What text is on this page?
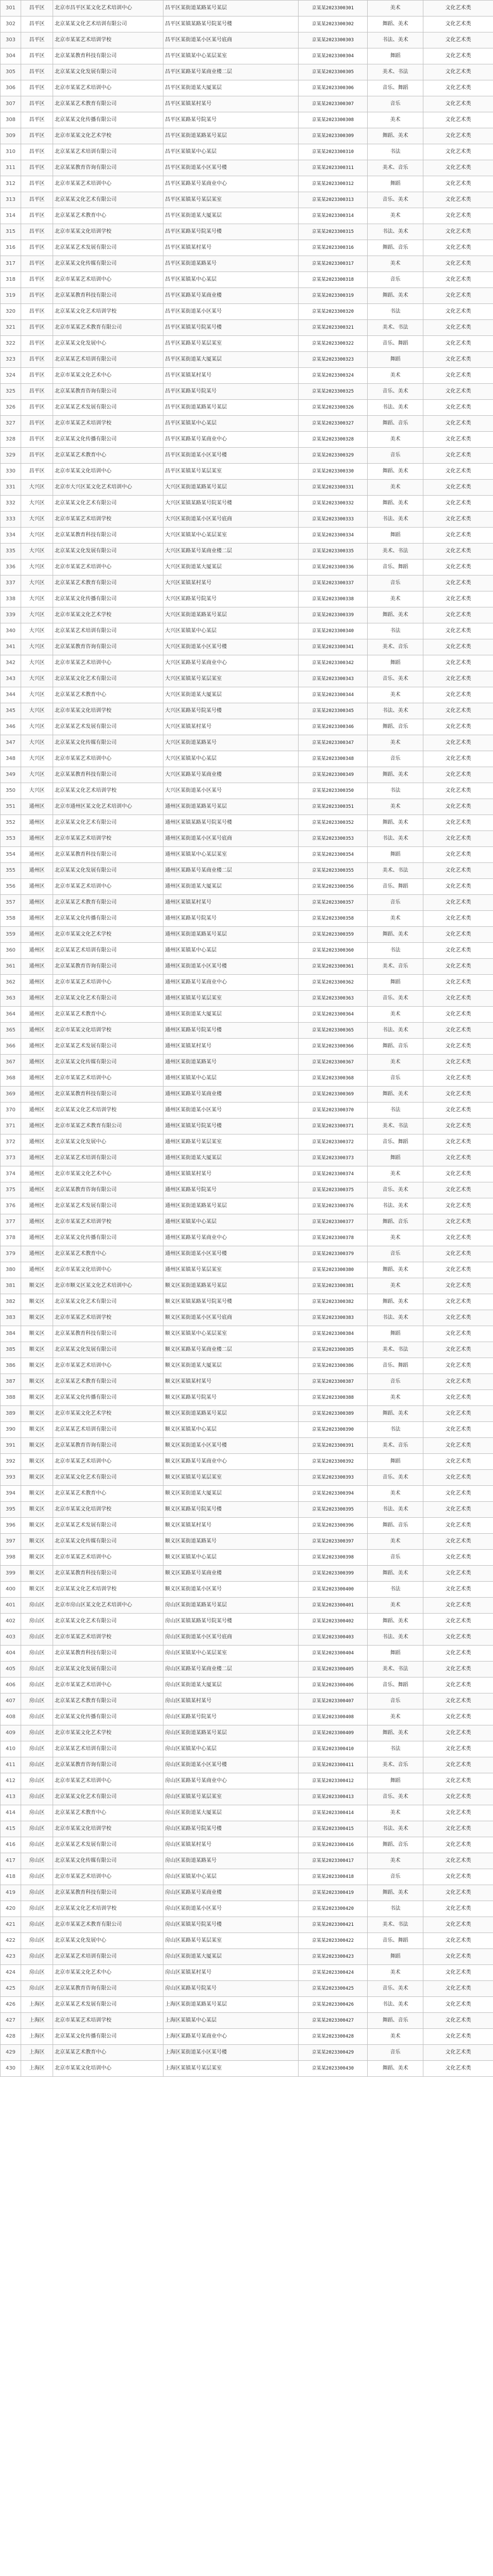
301	昌平区	北京市昌平区某文化艺术培训中心	昌平区某街道某路某号某层	京某某2023300301	美术	文化艺术类
302	昌平区	北京某某文化艺术培训有限公司	昌平区某镇某路某号院某号楼	京某某2023300302	舞蹈、美术	文化艺术类
303	昌平区	北京市某某艺术培训学校	昌平区某街道某小区某号底商	京某某2023300303	书法、美术	文化艺术类
304	昌平区	北京某某教育科技有限公司	昌平区某镇某中心某层某室	京某某2023300304	舞蹈	文化艺术类
305	昌平区	北京某某文化发展有限公司	昌平区某路某号某商业楼二层	京某某2023300305	美术、书法	文化艺术类
306	昌平区	北京市某某艺术培训中心	昌平区某街道某大厦某层	京某某2023300306	音乐、舞蹈	文化艺术类
307	昌平区	北京某某艺术教育有限公司	昌平区某镇某村某号	京某某2023300307	音乐	文化艺术类
308	昌平区	北京某某文化传播有限公司	昌平区某路某号院某号	京某某2023300308	美术	文化艺术类
309	昌平区	北京市某某文化艺术学校	昌平区某街道某路某号某层	京某某2023300309	舞蹈、美术	文化艺术类
310	昌平区	北京某某艺术培训有限公司	昌平区某镇某中心某层	京某某2023300310	书法	文化艺术类
311	昌平区	北京某某教育咨询有限公司	昌平区某街道某小区某号楼	京某某2023300311	美术、音乐	文化艺术类
312	昌平区	北京市某某艺术培训中心	昌平区某路某号某商业中心	京某某2023300312	舞蹈	文化艺术类
313	昌平区	北京某某文化艺术有限公司	昌平区某镇某号某层某室	京某某2023300313	音乐、美术	文化艺术类
314	昌平区	北京某某艺术教育中心	昌平区某街道某大厦某层	京某某2023300314	美术	文化艺术类
315	昌平区	北京市某某文化培训学校	昌平区某路某号院某号楼	京某某2023300315	书法、美术	文化艺术类
316	昌平区	北京某某艺术发展有限公司	昌平区某镇某村某号	京某某2023300316	舞蹈、音乐	文化艺术类
317	昌平区	北京某某文化传媒有限公司	昌平区某街道某路某号	京某某2023300317	美术	文化艺术类
318	昌平区	北京市某某艺术培训中心	昌平区某镇某中心某层	京某某2023300318	音乐	文化艺术类
319	昌平区	北京某某教育科技有限公司	昌平区某路某号某商业楼	京某某2023300319	舞蹈、美术	文化艺术类
320	昌平区	北京某某文化艺术培训学校	昌平区某街道某小区某号	京某某2023300320	书法	文化艺术类
321	昌平区	北京市某某艺术教育有限公司	昌平区某镇某号院某号楼	京某某2023300321	美术、书法	文化艺术类
322	昌平区	北京某某文化发展中心	昌平区某路某号某层某室	京某某2023300322	音乐、舞蹈	文化艺术类
323	昌平区	北京某某艺术培训有限公司	昌平区某街道某大厦某层	京某某2023300323	舞蹈	文化艺术类
324	昌平区	北京市某某文化艺术中心	昌平区某镇某村某号	京某某2023300324	美术	文化艺术类
325	昌平区	北京某某教育咨询有限公司	昌平区某路某号院某号	京某某2023300325	音乐、美术	文化艺术类
326	昌平区	北京某某艺术发展有限公司	昌平区某街道某路某号某层	京某某2023300326	书法、美术	文化艺术类
327	昌平区	北京市某某艺术培训学校	昌平区某镇某中心某层	京某某2023300327	舞蹈、音乐	文化艺术类
328	昌平区	北京某某文化传播有限公司	昌平区某路某号某商业中心	京某某2023300328	美术	文化艺术类
329	昌平区	北京某某艺术教育中心	昌平区某街道某小区某号楼	京某某2023300329	音乐	文化艺术类
330	昌平区	北京市某某文化培训中心	昌平区某镇某号某层某室	京某某2023300330	舞蹈、美术	文化艺术类
331	大兴区	北京市大兴区某文化艺术培训中心	大兴区某街道某路某号某层	京某某2023300331	美术	文化艺术类
332	大兴区	北京某某文化艺术有限公司	大兴区某镇某路某号院某号楼	京某某2023300332	舞蹈、美术	文化艺术类
333	大兴区	北京市某某艺术培训学校	大兴区某街道某小区某号底商	京某某2023300333	书法、美术	文化艺术类
334	大兴区	北京某某教育科技有限公司	大兴区某镇某中心某层某室	京某某2023300334	舞蹈	文化艺术类
335	大兴区	北京某某文化发展有限公司	大兴区某路某号某商业楼二层	京某某2023300335	美术、书法	文化艺术类
336	大兴区	北京市某某艺术培训中心	大兴区某街道某大厦某层	京某某2023300336	音乐、舞蹈	文化艺术类
337	大兴区	北京某某艺术教育有限公司	大兴区某镇某村某号	京某某2023300337	音乐	文化艺术类
338	大兴区	北京某某文化传播有限公司	大兴区某路某号院某号	京某某2023300338	美术	文化艺术类
339	大兴区	北京市某某文化艺术学校	大兴区某街道某路某号某层	京某某2023300339	舞蹈、美术	文化艺术类
340	大兴区	北京某某艺术培训有限公司	大兴区某镇某中心某层	京某某2023300340	书法	文化艺术类
341	大兴区	北京某某教育咨询有限公司	大兴区某街道某小区某号楼	京某某2023300341	美术、音乐	文化艺术类
342	大兴区	北京市某某艺术培训中心	大兴区某路某号某商业中心	京某某2023300342	舞蹈	文化艺术类
343	大兴区	北京某某文化艺术有限公司	大兴区某镇某号某层某室	京某某2023300343	音乐、美术	文化艺术类
344	大兴区	北京某某艺术教育中心	大兴区某街道某大厦某层	京某某2023300344	美术	文化艺术类
345	大兴区	北京市某某文化培训学校	大兴区某路某号院某号楼	京某某2023300345	书法、美术	文化艺术类
346	大兴区	北京某某艺术发展有限公司	大兴区某镇某村某号	京某某2023300346	舞蹈、音乐	文化艺术类
347	大兴区	北京某某文化传媒有限公司	大兴区某街道某路某号	京某某2023300347	美术	文化艺术类
348	大兴区	北京市某某艺术培训中心	大兴区某镇某中心某层	京某某2023300348	音乐	文化艺术类
349	大兴区	北京某某教育科技有限公司	大兴区某路某号某商业楼	京某某2023300349	舞蹈、美术	文化艺术类
350	大兴区	北京某某文化艺术培训学校	大兴区某街道某小区某号	京某某2023300350	书法	文化艺术类
351	通州区	北京市通州区某文化艺术培训中心	通州区某街道某路某号某层	京某某2023300351	美术	文化艺术类
352	通州区	北京某某文化艺术有限公司	通州区某镇某路某号院某号楼	京某某2023300352	舞蹈、美术	文化艺术类
353	通州区	北京市某某艺术培训学校	通州区某街道某小区某号底商	京某某2023300353	书法、美术	文化艺术类
354	通州区	北京某某教育科技有限公司	通州区某镇某中心某层某室	京某某2023300354	舞蹈	文化艺术类
355	通州区	北京某某文化发展有限公司	通州区某路某号某商业楼二层	京某某2023300355	美术、书法	文化艺术类
356	通州区	北京市某某艺术培训中心	通州区某街道某大厦某层	京某某2023300356	音乐、舞蹈	文化艺术类
357	通州区	北京某某艺术教育有限公司	通州区某镇某村某号	京某某2023300357	音乐	文化艺术类
358	通州区	北京某某文化传播有限公司	通州区某路某号院某号	京某某2023300358	美术	文化艺术类
359	通州区	北京市某某文化艺术学校	通州区某街道某路某号某层	京某某2023300359	舞蹈、美术	文化艺术类
360	通州区	北京某某艺术培训有限公司	通州区某镇某中心某层	京某某2023300360	书法	文化艺术类
361	通州区	北京某某教育咨询有限公司	通州区某街道某小区某号楼	京某某2023300361	美术、音乐	文化艺术类
362	通州区	北京市某某艺术培训中心	通州区某路某号某商业中心	京某某2023300362	舞蹈	文化艺术类
363	通州区	北京某某文化艺术有限公司	通州区某镇某号某层某室	京某某2023300363	音乐、美术	文化艺术类
364	通州区	北京某某艺术教育中心	通州区某街道某大厦某层	京某某2023300364	美术	文化艺术类
365	通州区	北京市某某文化培训学校	通州区某路某号院某号楼	京某某2023300365	书法、美术	文化艺术类
366	通州区	北京某某艺术发展有限公司	通州区某镇某村某号	京某某2023300366	舞蹈、音乐	文化艺术类
367	通州区	北京某某文化传媒有限公司	通州区某街道某路某号	京某某2023300367	美术	文化艺术类
368	通州区	北京市某某艺术培训中心	通州区某镇某中心某层	京某某2023300368	音乐	文化艺术类
369	通州区	北京某某教育科技有限公司	通州区某路某号某商业楼	京某某2023300369	舞蹈、美术	文化艺术类
370	通州区	北京某某文化艺术培训学校	通州区某街道某小区某号	京某某2023300370	书法	文化艺术类
371	通州区	北京市某某艺术教育有限公司	通州区某镇某号院某号楼	京某某2023300371	美术、书法	文化艺术类
372	通州区	北京某某文化发展中心	通州区某路某号某层某室	京某某2023300372	音乐、舞蹈	文化艺术类
373	通州区	北京某某艺术培训有限公司	通州区某街道某大厦某层	京某某2023300373	舞蹈	文化艺术类
374	通州区	北京市某某文化艺术中心	通州区某镇某村某号	京某某2023300374	美术	文化艺术类
375	通州区	北京某某教育咨询有限公司	通州区某路某号院某号	京某某2023300375	音乐、美术	文化艺术类
376	通州区	北京某某艺术发展有限公司	通州区某街道某路某号某层	京某某2023300376	书法、美术	文化艺术类
377	通州区	北京市某某艺术培训学校	通州区某镇某中心某层	京某某2023300377	舞蹈、音乐	文化艺术类
378	通州区	北京某某文化传播有限公司	通州区某路某号某商业中心	京某某2023300378	美术	文化艺术类
379	通州区	北京某某艺术教育中心	通州区某街道某小区某号楼	京某某2023300379	音乐	文化艺术类
380	通州区	北京市某某文化培训中心	通州区某镇某号某层某室	京某某2023300380	舞蹈、美术	文化艺术类
381	顺义区	北京市顺义区某文化艺术培训中心	顺义区某街道某路某号某层	京某某2023300381	美术	文化艺术类
382	顺义区	北京某某文化艺术有限公司	顺义区某镇某路某号院某号楼	京某某2023300382	舞蹈、美术	文化艺术类
383	顺义区	北京市某某艺术培训学校	顺义区某街道某小区某号底商	京某某2023300383	书法、美术	文化艺术类
384	顺义区	北京某某教育科技有限公司	顺义区某镇某中心某层某室	京某某2023300384	舞蹈	文化艺术类
385	顺义区	北京某某文化发展有限公司	顺义区某路某号某商业楼二层	京某某2023300385	美术、书法	文化艺术类
386	顺义区	北京市某某艺术培训中心	顺义区某街道某大厦某层	京某某2023300386	音乐、舞蹈	文化艺术类
387	顺义区	北京某某艺术教育有限公司	顺义区某镇某村某号	京某某2023300387	音乐	文化艺术类
388	顺义区	北京某某文化传播有限公司	顺义区某路某号院某号	京某某2023300388	美术	文化艺术类
389	顺义区	北京市某某文化艺术学校	顺义区某街道某路某号某层	京某某2023300389	舞蹈、美术	文化艺术类
390	顺义区	北京某某艺术培训有限公司	顺义区某镇某中心某层	京某某2023300390	书法	文化艺术类
391	顺义区	北京某某教育咨询有限公司	顺义区某街道某小区某号楼	京某某2023300391	美术、音乐	文化艺术类
392	顺义区	北京市某某艺术培训中心	顺义区某路某号某商业中心	京某某2023300392	舞蹈	文化艺术类
393	顺义区	北京某某文化艺术有限公司	顺义区某镇某号某层某室	京某某2023300393	音乐、美术	文化艺术类
394	顺义区	北京某某艺术教育中心	顺义区某街道某大厦某层	京某某2023300394	美术	文化艺术类
395	顺义区	北京市某某文化培训学校	顺义区某路某号院某号楼	京某某2023300395	书法、美术	文化艺术类
396	顺义区	北京某某艺术发展有限公司	顺义区某镇某村某号	京某某2023300396	舞蹈、音乐	文化艺术类
397	顺义区	北京某某文化传媒有限公司	顺义区某街道某路某号	京某某2023300397	美术	文化艺术类
398	顺义区	北京市某某艺术培训中心	顺义区某镇某中心某层	京某某2023300398	音乐	文化艺术类
399	顺义区	北京某某教育科技有限公司	顺义区某路某号某商业楼	京某某2023300399	舞蹈、美术	文化艺术类
400	顺义区	北京某某文化艺术培训学校	顺义区某街道某小区某号	京某某2023300400	书法	文化艺术类
401	房山区	北京市房山区某文化艺术培训中心	房山区某街道某路某号某层	京某某2023300401	美术	文化艺术类
402	房山区	北京某某文化艺术有限公司	房山区某镇某路某号院某号楼	京某某2023300402	舞蹈、美术	文化艺术类
403	房山区	北京市某某艺术培训学校	房山区某街道某小区某号底商	京某某2023300403	书法、美术	文化艺术类
404	房山区	北京某某教育科技有限公司	房山区某镇某中心某层某室	京某某2023300404	舞蹈	文化艺术类
405	房山区	北京某某文化发展有限公司	房山区某路某号某商业楼二层	京某某2023300405	美术、书法	文化艺术类
406	房山区	北京市某某艺术培训中心	房山区某街道某大厦某层	京某某2023300406	音乐、舞蹈	文化艺术类
407	房山区	北京某某艺术教育有限公司	房山区某镇某村某号	京某某2023300407	音乐	文化艺术类
408	房山区	北京某某文化传播有限公司	房山区某路某号院某号	京某某2023300408	美术	文化艺术类
409	房山区	北京市某某文化艺术学校	房山区某街道某路某号某层	京某某2023300409	舞蹈、美术	文化艺术类
410	房山区	北京某某艺术培训有限公司	房山区某镇某中心某层	京某某2023300410	书法	文化艺术类
411	房山区	北京某某教育咨询有限公司	房山区某街道某小区某号楼	京某某2023300411	美术、音乐	文化艺术类
412	房山区	北京市某某艺术培训中心	房山区某路某号某商业中心	京某某2023300412	舞蹈	文化艺术类
413	房山区	北京某某文化艺术有限公司	房山区某镇某号某层某室	京某某2023300413	音乐、美术	文化艺术类
414	房山区	北京某某艺术教育中心	房山区某街道某大厦某层	京某某2023300414	美术	文化艺术类
415	房山区	北京市某某文化培训学校	房山区某路某号院某号楼	京某某2023300415	书法、美术	文化艺术类
416	房山区	北京某某艺术发展有限公司	房山区某镇某村某号	京某某2023300416	舞蹈、音乐	文化艺术类
417	房山区	北京某某文化传媒有限公司	房山区某街道某路某号	京某某2023300417	美术	文化艺术类
418	房山区	北京市某某艺术培训中心	房山区某镇某中心某层	京某某2023300418	音乐	文化艺术类
419	房山区	北京某某教育科技有限公司	房山区某路某号某商业楼	京某某2023300419	舞蹈、美术	文化艺术类
420	房山区	北京某某文化艺术培训学校	房山区某街道某小区某号	京某某2023300420	书法	文化艺术类
421	房山区	北京市某某艺术教育有限公司	房山区某镇某号院某号楼	京某某2023300421	美术、书法	文化艺术类
422	房山区	北京某某文化发展中心	房山区某路某号某层某室	京某某2023300422	音乐、舞蹈	文化艺术类
423	房山区	北京某某艺术培训有限公司	房山区某街道某大厦某层	京某某2023300423	舞蹈	文化艺术类
424	房山区	北京市某某文化艺术中心	房山区某镇某村某号	京某某2023300424	美术	文化艺术类
425	房山区	北京某某教育咨询有限公司	房山区某路某号院某号	京某某2023300425	音乐、美术	文化艺术类
426	上海区	北京某某艺术发展有限公司	上海区某街道某路某号某层	京某某2023300426	书法、美术	文化艺术类
427	上海区	北京市某某艺术培训学校	上海区某镇某中心某层	京某某2023300427	舞蹈、音乐	文化艺术类
428	上海区	北京某某文化传播有限公司	上海区某路某号某商业中心	京某某2023300428	美术	文化艺术类
429	上海区	北京某某艺术教育中心	上海区某街道某小区某号楼	京某某2023300429	音乐	文化艺术类
430	上海区	北京市某某文化培训中心	上海区某镇某号某层某室	京某某2023300430	舞蹈、美术	文化艺术类
